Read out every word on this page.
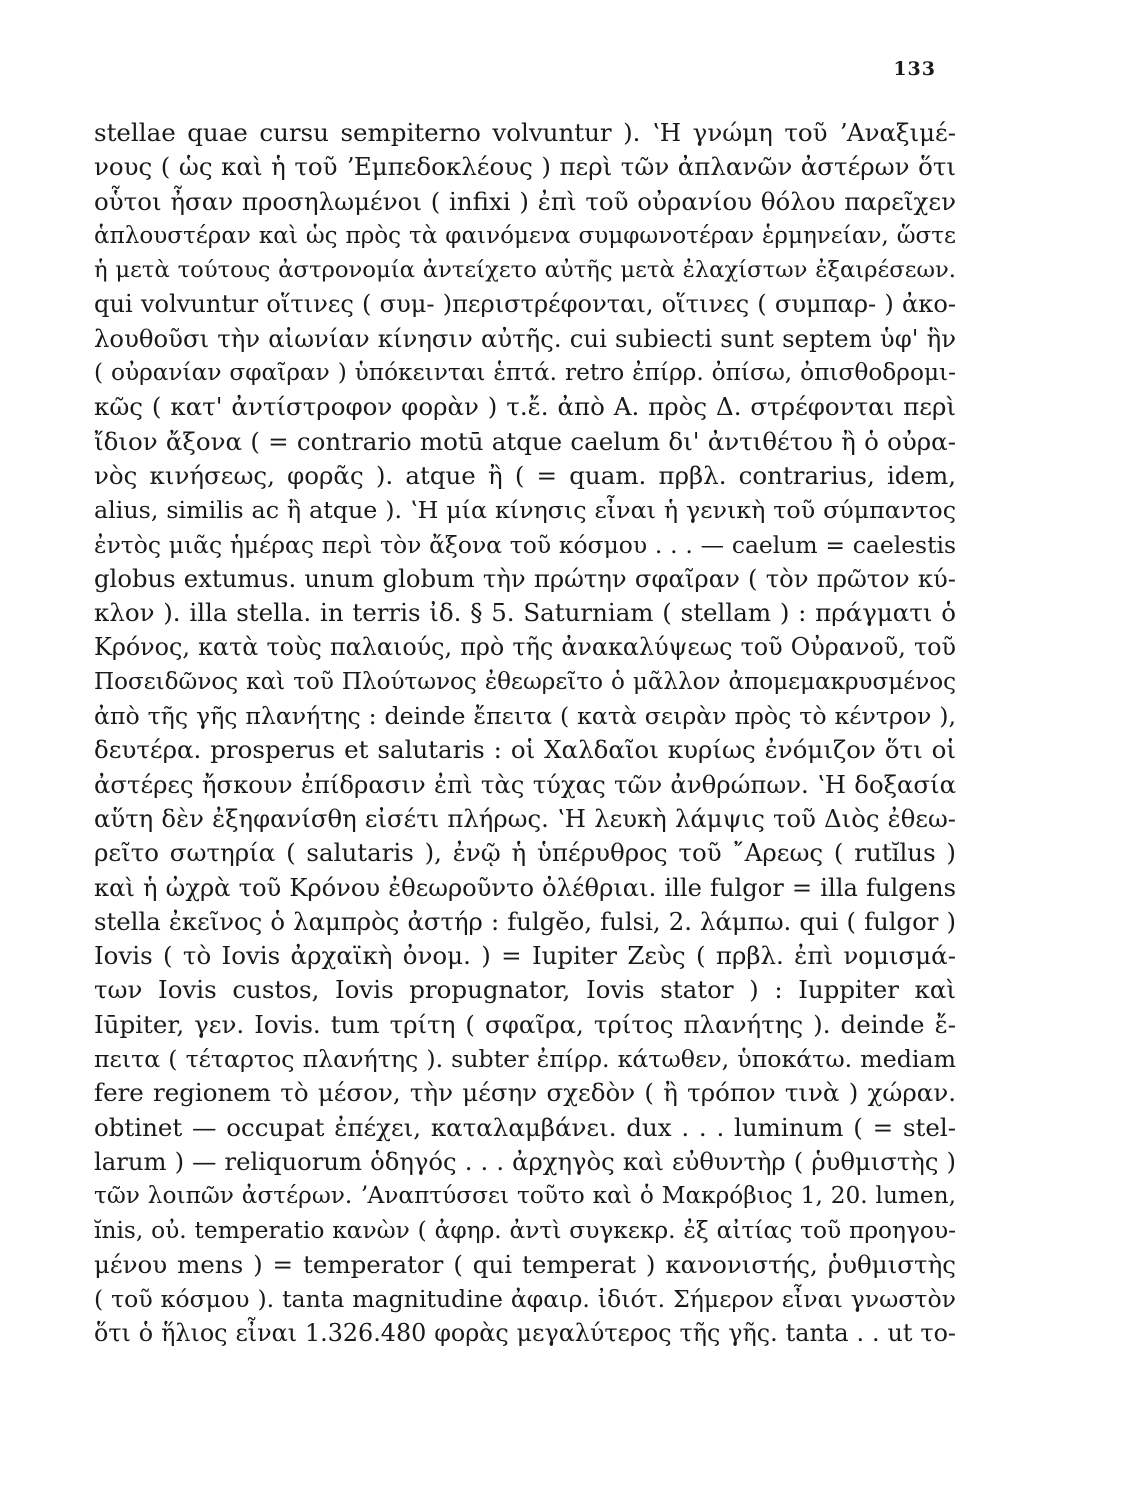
133
stellae quae cursu sempiterno volvuntur ). ʽΗ γνώμη τοῦ ʼΑναξιμέ-
νους ( ὡς καὶ ἡ τοῦ ʼΕμπεδοκλέους ) περὶ τῶν ἀπλανῶν ἀστέρων ὅτι
οὗτοι ἦσαν προσηλωμένοι ( infixi ) ἐπὶ τοῦ οὐρανίου θόλου παρεῖχεν
ἁπλουστέραν καὶ ὡς πρὸς τὰ φαινόμενα συμφωνοτέραν ἑρμηνείαν, ὥστε
ἡ μετὰ τούτους ἀστρονομία ἀντείχετο αὐτῆς μετὰ ἐλαχίστων ἐξαιρέσεων.
qui volvuntur οἵτινες ( συμ- )περιστρέφονται, οἵτινες ( συμπαρ- ) ἀκο-
λουθοῦσι τὴν αἰωνίαν κίνησιν αὐτῆς. cui subiecti sunt septem ὑφ' ἣν
( οὐρανίαν σφαῖραν ) ὑπόκεινται ἑπτά. retro ἐπίρρ. ὀπίσω, ὀπισθοδρομι-
κῶς ( κατ' ἀντίστροφον φορὰν ) τ.ἔ. ἀπὸ Α. πρὸς Δ. στρέφονται περὶ
ἴδιον ἄξονα ( = contrario motū atque caelum δι' ἀντιθέτου ἢ ὁ οὐρα-
νὸς κινήσεως, φορᾶς ). atque ἢ ( = quam. πρβλ. contrarius, idem,
alius, similis ac ἢ atque ). ʽΗ μία κίνησις εἶναι ἡ γενικὴ τοῦ σύμπαντος
ἐντὸς μιᾶς ἡμέρας περὶ τὸν ἄξονα τοῦ κόσμου . . . — caelum = caelestis
globus extumus. unum globum τὴν πρώτην σφαῖραν ( τὸν πρῶτον κύ-
κλον ). illa stella. in terris ἰδ. § 5. Saturniam ( stellam ) : πράγματι ὁ
Κρόνος, κατὰ τοὺς παλαιούς, πρὸ τῆς ἀνακαλύψεως τοῦ Οὐρανοῦ, τοῦ
Ποσειδῶνος καὶ τοῦ Πλούτωνος ἐθεωρεῖτο ὁ μᾶλλον ἀπομεμακρυσμένος
ἀπὸ τῆς γῆς πλανήτης : deinde ἔπειτα ( κατὰ σειρὰν πρὸς τὸ κέντρον ),
δευτέρα. prosperus et salutaris : οἱ Χαλδαῖοι κυρίως ἐνόμιζον ὅτι οἱ
ἀστέρες ἤσκουν ἐπίδρασιν ἐπὶ τὰς τύχας τῶν ἀνθρώπων. ʽΗ δοξασία
αὕτη δὲν ἐξηφανίσθη εἰσέτι πλήρως. ʽΗ λευκὴ λάμψις τοῦ Διὸς ἐθεω-
ρεῖτο σωτηρία ( salutaris ), ἐνῷ ἡ ὑπέρυθρος τοῦ ῎Αρεως ( rutĭlus )
καὶ ἡ ὠχρὰ τοῦ Κρόνου ἐθεωροῦντο ὀλέθριαι. ille fulgor = illa fulgens
stella ἐκεῖνος ὁ λαμπρὸς ἀστήρ : fulgĕo, fulsi, 2. λάμπω. qui ( fulgor )
Iovis ( τὸ Iovis ἀρχαϊκὴ ὀνομ. ) = Iupiter Ζεὺς ( πρβλ. ἐπὶ νομισμά-
των Iovis custos, Iovis propugnator, Iovis stator ) : Iuppiter καὶ
Iūpiter, γεν. Iovis. tum τρίτη ( σφαῖρα, τρίτος πλανήτης ). deinde ἔ-
πειτα ( τέταρτος πλανήτης ). subter ἐπίρρ. κάτωθεν, ὑποκάτω. mediam
fere regionem τὸ μέσον, τὴν μέσην σχεδὸν ( ἢ τρόπον τινὰ ) χώραν.
obtinet — occupat ἐπέχει, καταλαμβάνει. dux . . . luminum ( = stel-
larum ) — reliquorum ὁδηγός . . . ἀρχηγὸς καὶ εὐθυντὴρ ( ῥυθμιστὴς )
τῶν λοιπῶν ἀστέρων. ʼΑναπτύσσει τοῦτο καὶ ὁ Μακρόβιος 1, 20. lumen,
ĭnis, οὐ. temperatio κανὼν ( ἀφηρ. ἀντὶ συγκεκρ. ἐξ αἰτίας τοῦ προηγου-
μένου mens ) = temperator ( qui temperat ) κανονιστής, ῥυθμιστὴς
( τοῦ κόσμου ). tanta magnitudine ἀφαιρ. ἰδιότ. Σήμερον εἶναι γνωστὸν
ὅτι ὁ ἥλιος εἶναι 1.326.480 φορὰς μεγαλύτερος τῆς γῆς. tanta . . ut το-
